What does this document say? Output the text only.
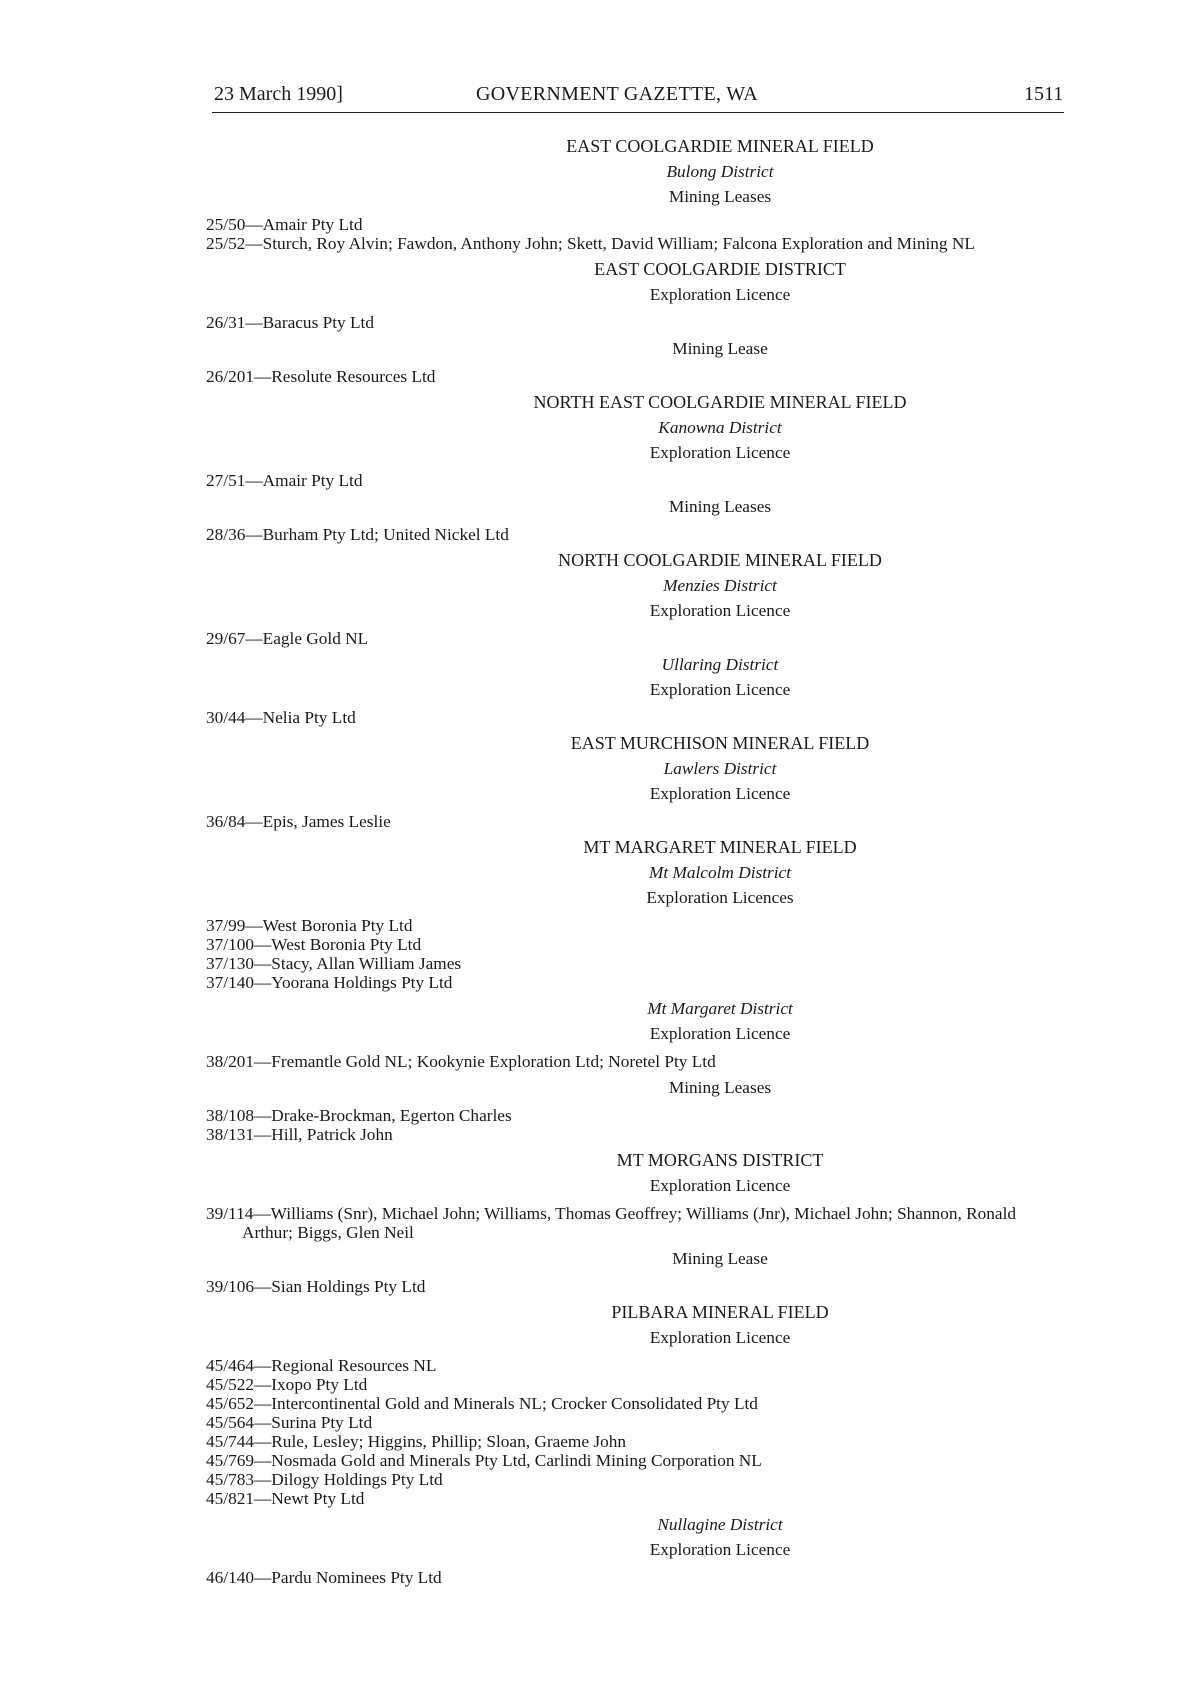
23 March 1990]	GOVERNMENT GAZETTE, WA	1511
EAST COOLGARDIE MINERAL FIELD
Bulong District
Mining Leases
25/50—Amair Pty Ltd
25/52—Sturch, Roy Alvin; Fawdon, Anthony John; Skett, David William; Falcona Exploration and Mining NL
EAST COOLGARDIE DISTRICT
Exploration Licence
26/31—Baracus Pty Ltd
Mining Lease
26/201—Resolute Resources Ltd
NORTH EAST COOLGARDIE MINERAL FIELD
Kanowna District
Exploration Licence
27/51—Amair Pty Ltd
Mining Leases
28/36—Burham Pty Ltd; United Nickel Ltd
NORTH COOLGARDIE MINERAL FIELD
Menzies District
Exploration Licence
29/67—Eagle Gold NL
Ullaring District
Exploration Licence
30/44—Nelia Pty Ltd
EAST MURCHISON MINERAL FIELD
Lawlers District
Exploration Licence
36/84—Epis, James Leslie
MT MARGARET MINERAL FIELD
Mt Malcolm District
Exploration Licences
37/99—West Boronia Pty Ltd
37/100—West Boronia Pty Ltd
37/130—Stacy, Allan William James
37/140—Yoorana Holdings Pty Ltd
Mt Margaret District
Exploration Licence
38/201—Fremantle Gold NL; Kookynie Exploration Ltd; Noretel Pty Ltd
Mining Leases
38/108—Drake-Brockman, Egerton Charles
38/131—Hill, Patrick John
MT MORGANS DISTRICT
Exploration Licence
39/114—Williams (Snr), Michael John; Williams, Thomas Geoffrey; Williams (Jnr), Michael John; Shannon, Ronald Arthur; Biggs, Glen Neil
Mining Lease
39/106—Sian Holdings Pty Ltd
PILBARA MINERAL FIELD
Exploration Licence
45/464—Regional Resources NL
45/522—Ixopo Pty Ltd
45/652—Intercontinental Gold and Minerals NL; Crocker Consolidated Pty Ltd
45/564—Surina Pty Ltd
45/744—Rule, Lesley; Higgins, Phillip; Sloan, Graeme John
45/769—Nosmada Gold and Minerals Pty Ltd, Carlindi Mining Corporation NL
45/783—Dilogy Holdings Pty Ltd
45/821—Newt Pty Ltd
Nullagine District
Exploration Licence
46/140—Pardu Nominees Pty Ltd
